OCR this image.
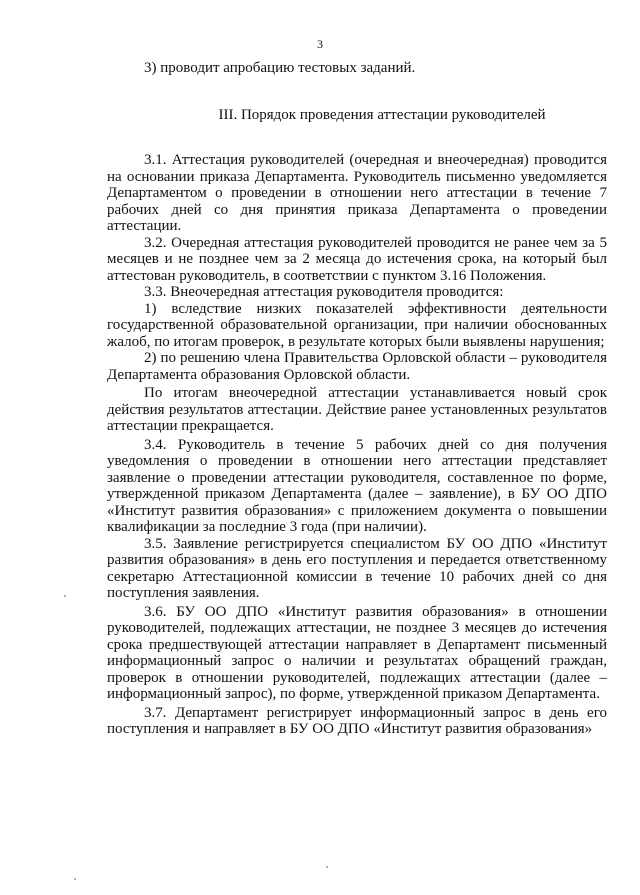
3

3) проводит апробацию тестовых заданий.

III. Порядок проведения аттестации руководителей

3.1. Аттестация руководителей (очередная и внеочередная) проводится на основании приказа Департамента. Руководитель письменно уведомляется Департаментом о проведении в отношении него аттестации в течение 7 рабочих дней со дня принятия приказа Департамента о проведении аттестации.

3.2. Очередная аттестация руководителей проводится не ранее чем за 5 месяцев и не позднее чем за 2 месяца до истечения срока, на который был аттестован руководитель, в соответствии с пунктом 3.16 Положения.

3.3. Внеочередная аттестация руководителя проводится:

1) вследствие низких показателей эффективности деятельности государственной образовательной организации, при наличии обоснованных жалоб, по итогам проверок, в результате которых были выявлены нарушения;

2) по решению члена Правительства Орловской области – руководителя Департамента образования Орловской области.

По итогам внеочередной аттестации устанавливается новый срок действия результатов аттестации. Действие ранее установленных результатов аттестации прекращается.

3.4. Руководитель в течение 5 рабочих дней со дня получения уведомления о проведении в отношении него аттестации представляет заявление о проведении аттестации руководителя, составленное по форме, утвержденной приказом Департамента (далее – заявление), в БУ ОО ДПО «Институт развития образования» с приложением документа о повышении квалификации за последние 3 года (при наличии).

3.5. Заявление регистрируется специалистом БУ ОО ДПО «Институт развития образования» в день его поступления и передается ответственному секретарю Аттестационной комиссии в течение 10 рабочих дней со дня поступления заявления.

3.6. БУ ОО ДПО «Институт развития образования» в отношении руководителей, подлежащих аттестации, не позднее 3 месяцев до истечения срока предшествующей аттестации направляет в Департамент письменный информационный запрос о наличии и результатах обращений граждан, проверок в отношении руководителей, подлежащих аттестации (далее – информационный запрос), по форме, утвержденной приказом Департамента.

3.7. Департамент регистрирует информационный запрос в день его поступления и направляет в БУ ОО ДПО «Институт развития образования»
